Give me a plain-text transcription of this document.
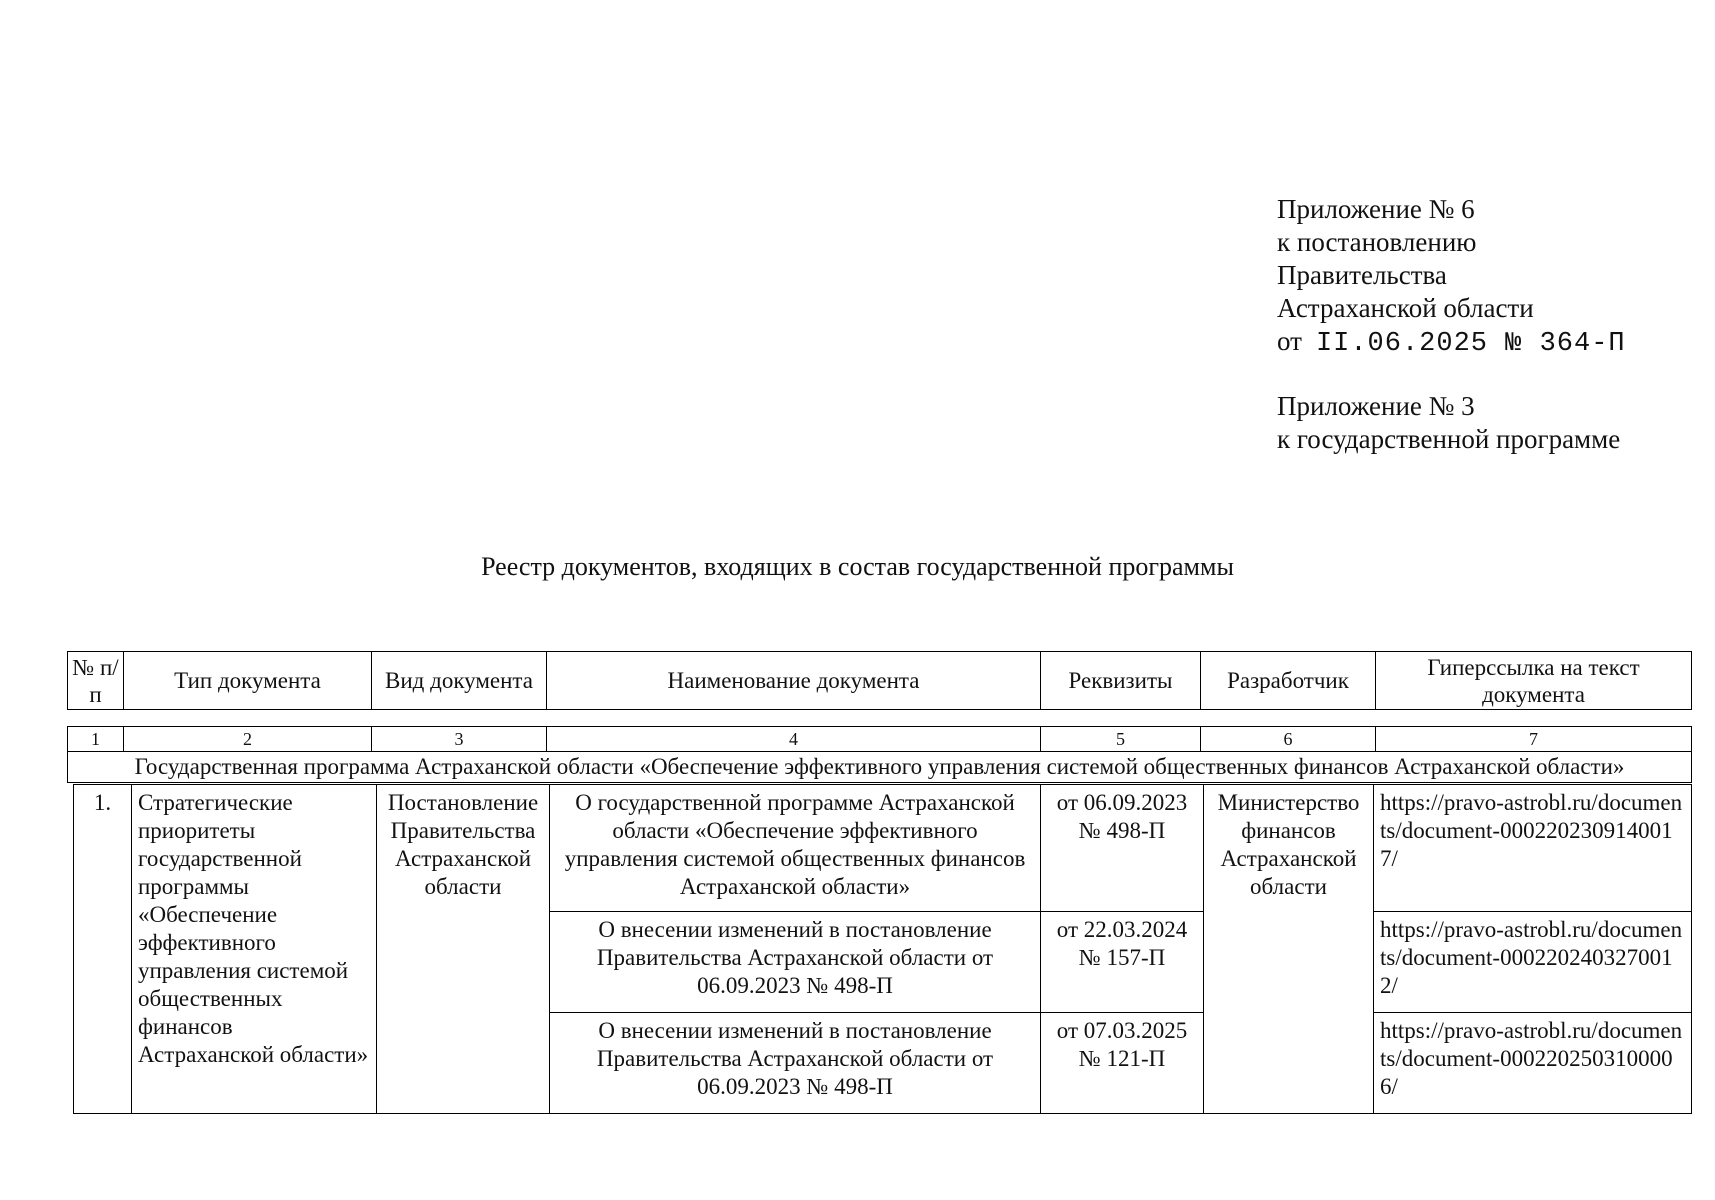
Приложение № 6
к постановлению
Правительства
Астраханской области
от II.06.2025 № 364-П
Приложение № 3
к государственной программе
Реестр документов, входящих в состав государственной программы
№ п/п	Тип документа	Вид документа	Наименование документа	Реквизиты	Разработчик	Гиперссылка на текст документа
1	2	3	4	5	6	7
Государственная программа Астраханской области «Обеспечение эффективного управления системой общественных финансов Астраханской области»
1.	Стратегические приоритеты государственной программы «Обеспечение эффективного управления системой общественных финансов Астраханской области»	Постановление Правительства Астраханской области	О государственной программе Астраханской области «Обеспечение эффективного управления системой общественных финансов Астраханской области»	от 06.09.2023 № 498-П	Министерство финансов Астраханской области	https://pravo-astrobl.ru/documents/document-000220230914001 7/
			О внесении изменений в постановление Правительства Астраханской области от 06.09.2023 № 498-П	от 22.03.2024 № 157-П		https://pravo-astrobl.ru/documents/document-0002202403270012/
			О внесении изменений в постановление Правительства Астраханской области от 06.09.2023 № 498-П	от 07.03.2025 № 121-П		https://pravo-astrobl.ru/documents/document-0002202503100006/
